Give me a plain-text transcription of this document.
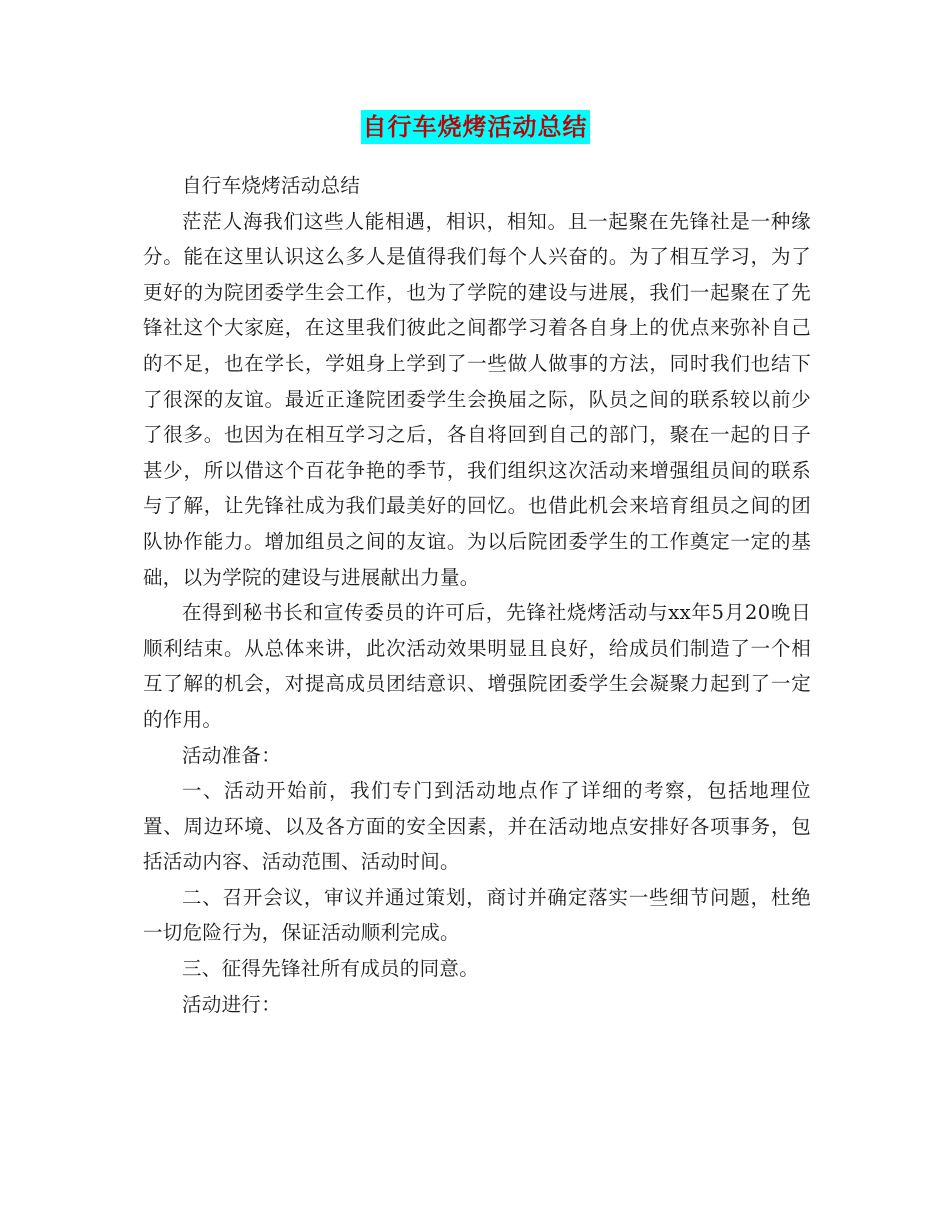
自行车烧烤活动总结

自行车烧烤活动总结

茫茫人海我们这些人能相遇，相识，相知。且一起聚在先锋社是一种缘分。能在这里认识这么多人是值得我们每个人兴奋的。为了相互学习，为了更好的为院团委学生会工作，也为了学院的建设与进展，我们一起聚在了先锋社这个大家庭，在这里我们彼此之间都学习着各自身上的优点来弥补自己的不足，也在学长，学姐身上学到了一些做人做事的方法，同时我们也结下了很深的友谊。最近正逢院团委学生会换届之际，队员之间的联系较以前少了很多。也因为在相互学习之后，各自将回到自己的部门，聚在一起的日子甚少，所以借这个百花争艳的季节，我们组织这次活动来增强组员间的联系与了解，让先锋社成为我们最美好的回忆。也借此机会来培育组员之间的团队协作能力。增加组员之间的友谊。为以后院团委学生的工作奠定一定的基础，以为学院的建设与进展献出力量。

在得到秘书长和宣传委员的许可后，先锋社烧烤活动与xx年5月20晚日顺利结束。从总体来讲，此次活动效果明显且良好，给成员们制造了一个相互了解的机会，对提高成员团结意识、增强院团委学生会凝聚力起到了一定的作用。

活动准备：

一、活动开始前，我们专门到活动地点作了详细的考察，包括地理位置、周边环境、以及各方面的安全因素，并在活动地点安排好各项事务，包括活动内容、活动范围、活动时间。

二、召开会议，审议并通过策划，商讨并确定落实一些细节问题，杜绝一切危险行为，保证活动顺利完成。

三、征得先锋社所有成员的同意。

活动进行：
